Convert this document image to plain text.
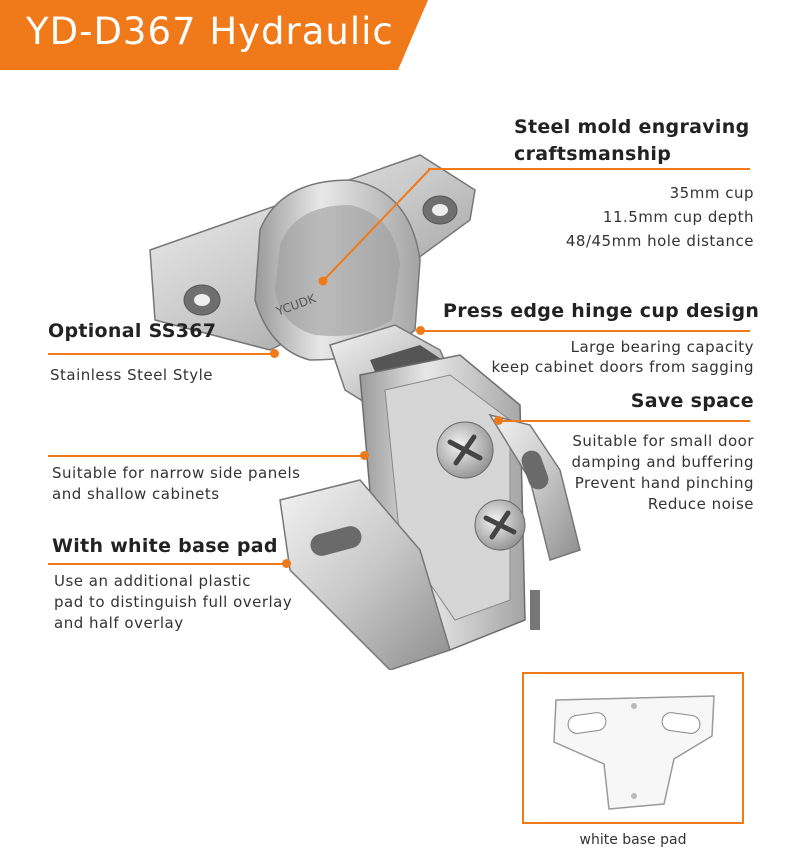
YD-D367 Hydraulic
YCUDK
Steel mold engraving
craftsmanship
35mm cup
11.5mm cup depth
48/45mm hole distance
Press edge hinge cup design
Large bearing capacity
keep cabinet doors from sagging
Save space
Suitable for small door
damping and buffering
Prevent hand pinching
Reduce noise
Optional SS367
Stainless Steel Style
Suitable for narrow side panels
and shallow cabinets
With white base pad
Use an additional plastic
pad to distinguish full overlay
and half overlay
white base pad
